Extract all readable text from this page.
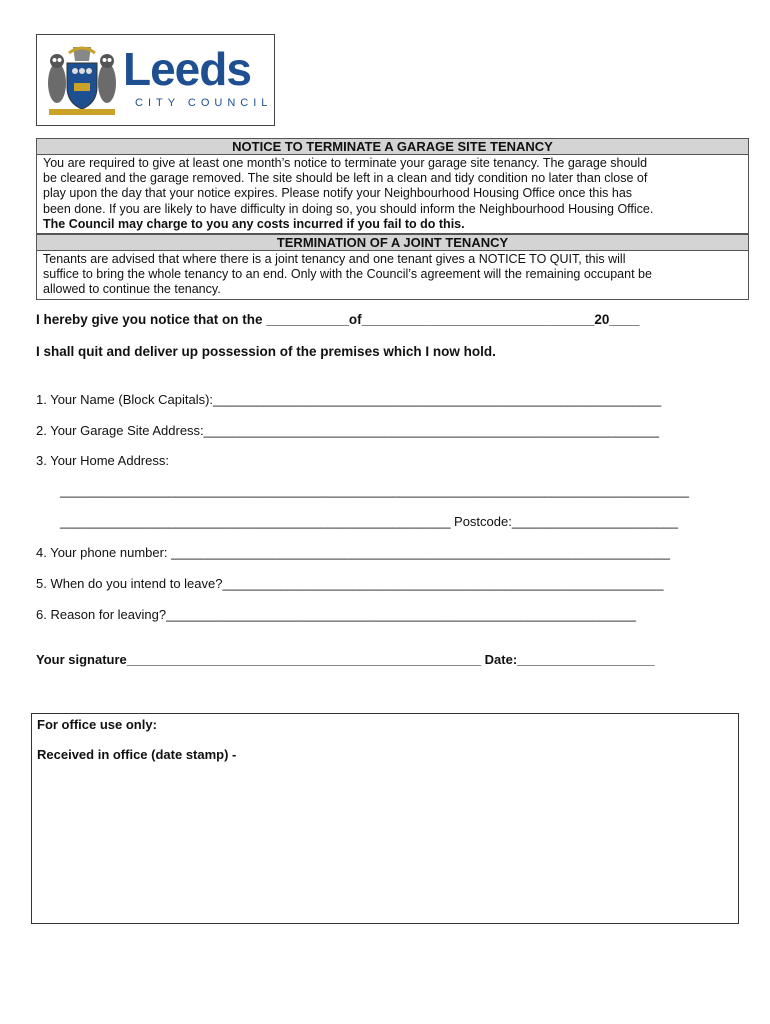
Leeds
CITY COUNCIL
NOTICE TO TERMINATE A GARAGE SITE TENANCY
You are required to give at least one month’s notice to terminate your garage site tenancy. The garage should
be cleared and the garage removed. The site should be left in a clean and tidy condition no later than close of
play upon the day that your notice expires. Please notify your Neighbourhood Housing Office once this has
been done. If you are likely to have difficulty in doing so, you should inform the Neighbourhood Housing Office.
The Council may charge to you any costs incurred if you fail to do this.
TERMINATION OF A JOINT TENANCY
Tenants are advised that where there is a joint tenancy and one tenant gives a NOTICE TO QUIT, this will
suffice to bring the whole tenancy to an end. Only with the Council’s agreement will the remaining occupant be
allowed to continue the tenancy.
I hereby give you notice that on the ___________of_______________________________20____
I shall quit and deliver up possession of the premises which I now hold.
1. Your Name (Block Capitals):______________________________________________________________
2. Your Garage Site Address:_______________________________________________________________
3. Your Home Address:
_______________________________________________________________________________________
______________________________________________________ Postcode:_______________________
4. Your phone number: _____________________________________________________________________
5. When do you intend to leave?_____________________________________________________________
6. Reason for leaving?_________________________________________________________________
Your signature_________________________________________________ Date:___________________
For office use only:
Received in office (date stamp) -
